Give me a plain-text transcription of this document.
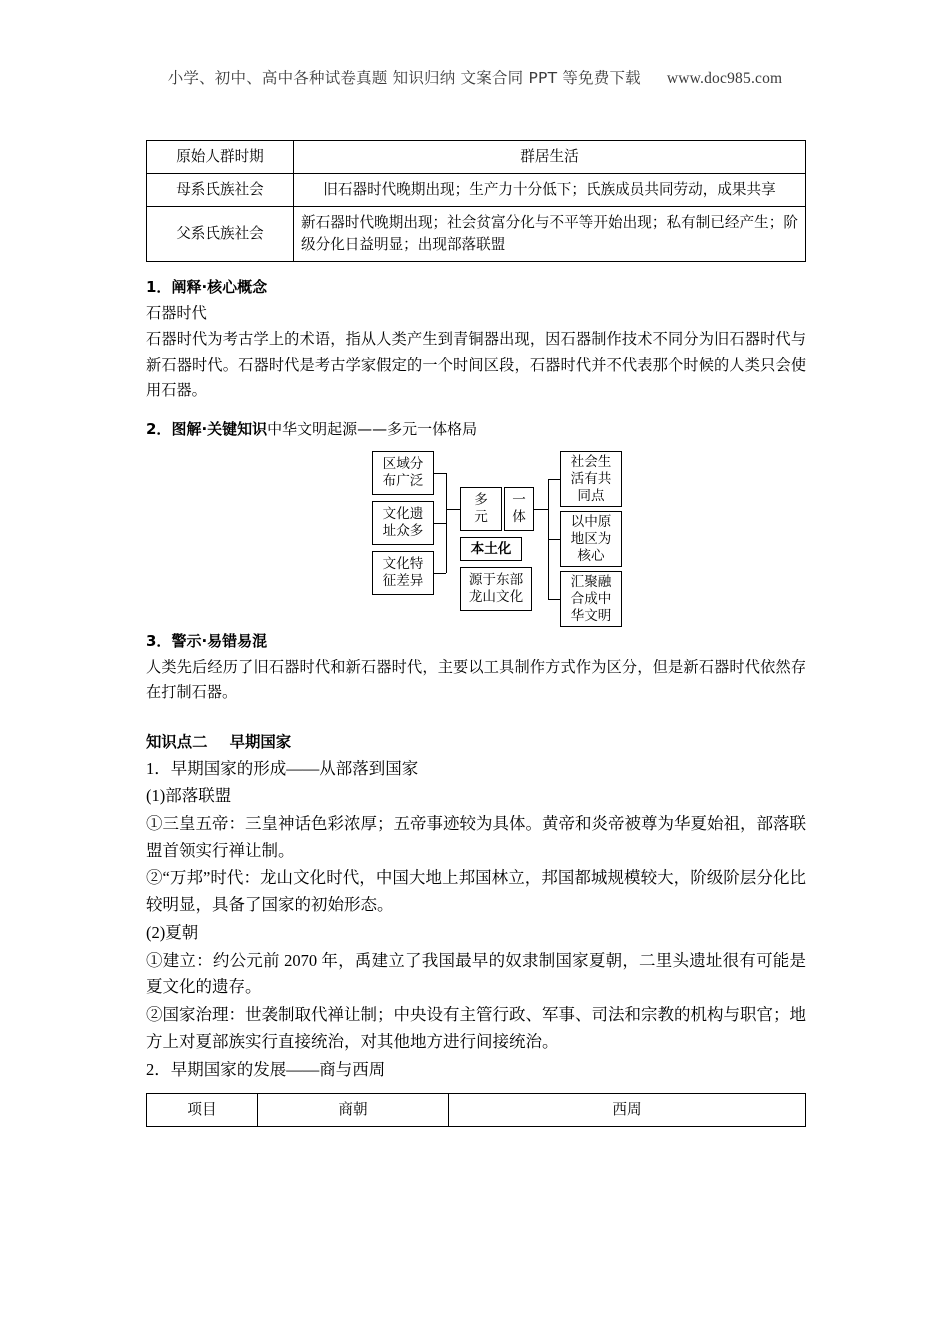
小学、初中、高中各种试卷真题 知识归纳 文案合同 PPT 等免费下载 www.doc985.com
原始人群时期	群居生活
母系氏族社会	旧石器时代晚期出现；生产力十分低下；氏族成员共同劳动，成果共享
父系氏族社会	新石器时代晚期出现；社会贫富分化与不平等开始出现；私有制已经产生；阶级分化日益明显；出现部落联盟
1．阐释·核心概念
石器时代
石器时代为考古学上的术语，指从人类产生到青铜器出现，因石器制作技术不同分为旧石器时代与新石器时代。石器时代是考古学家假定的一个时间区段，石器时代并不代表那个时候的人类只会使用石器。
2．图解·关键知识中华文明起源——多元一体格局
区域分
布广泛
文化遗
址众多
文化特
征差异
多
元
本土化
源于东部
龙山文化
一
体
社会生
活有共
同点
以中原
地区为
核心
汇聚融
合成中
华文明
3．警示·易错易混
人类先后经历了旧石器时代和新石器时代，主要以工具制作方式作为区分，但是新石器时代依然存在打制石器。
知识点二 早期国家
1．早期国家的形成——从部落到国家
(1)部落联盟
①三皇五帝：三皇神话色彩浓厚；五帝事迹较为具体。黄帝和炎帝被尊为华夏始祖，部落联盟首领实行禅让制。
②“万邦”时代：龙山文化时代，中国大地上邦国林立，邦国都城规模较大，阶级阶层分化比较明显，具备了国家的初始形态。
(2)夏朝
①建立：约公元前 2070 年，禹建立了我国最早的奴隶制国家夏朝，二里头遗址很有可能是夏文化的遗存。
②国家治理：世袭制取代禅让制；中央设有主管行政、军事、司法和宗教的机构与职官；地方上对夏部族实行直接统治，对其他地方进行间接统治。
2．早期国家的发展——商与西周
项目	商朝	西周
